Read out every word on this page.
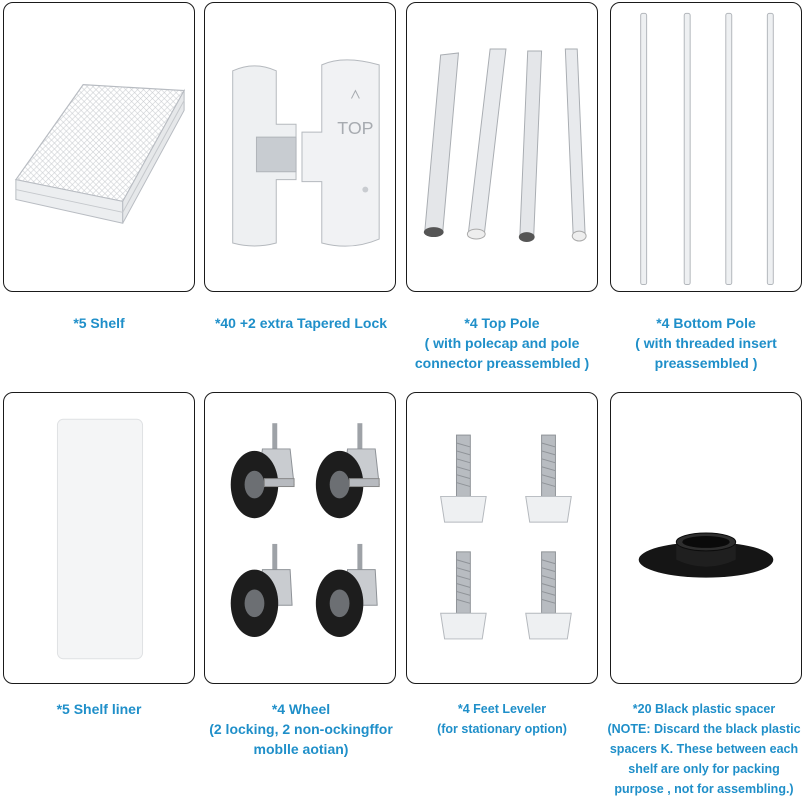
TOP
*5 Shelf	*40 +2 extra Tapered Lock	*4 Top Pole
( with polecap and pole
connector preassembled )
*4 Bottom Pole
( with threaded insert
preassembled )
*5 Shelf liner	*4 Wheel
(2 locking, 2 non-ockingffor
moblle aotian)
*4 Feet Leveler
(for stationary option)
*20 Black plastic spacer
(NOTE: Discard the black plastic
spacers K. These between each
shelf are only for packing
purpose , not for assembling.)
